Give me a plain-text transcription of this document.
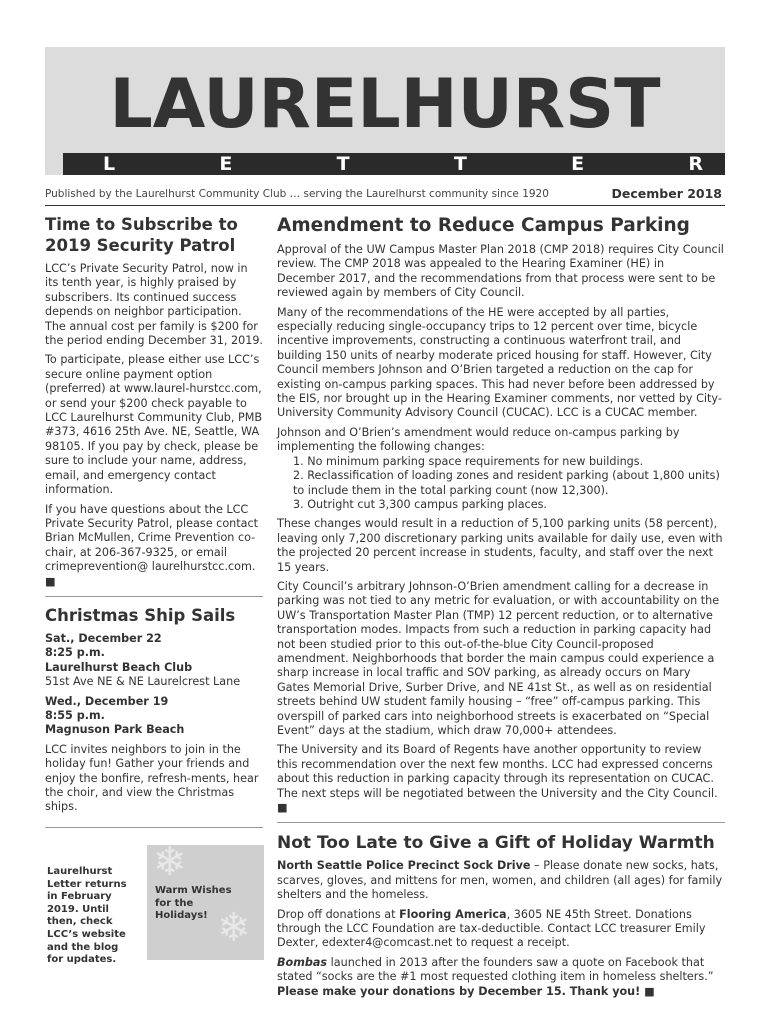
LAURELHURST
L	E	T	T	E	R
Published by the Laurelhurst Community Club … serving the Laurelhurst community since 1920	December 2018
Time to Subscribe to 2019 Security Patrol

LCC’s Private Security Patrol, now in its tenth year, is highly praised by subscribers. Its continued success depends on neighbor participation. The annual cost per family is $200 for the period ending December 31, 2019.

To participate, please either use LCC’s secure online payment option (preferred) at www.laurel-hurstcc.com, or send your $200 check payable to LCC Laurelhurst Community Club, PMB #373, 4616 25th Ave. NE, Seattle, WA 98105. If you pay by check, please be sure to include your name, address, email, and emergency contact information.

If you have questions about the LCC Private Security Patrol, please contact Brian McMullen, Crime Prevention co-chair, at 206-367-9325, or email crimeprevention@ laurelhurstcc.com. ■

Christmas Ship Sails

Sat., December 22

8:25 p.m.

Laurelhurst Beach Club

51st Ave NE & NE Laurelcrest Lane

Wed., December 19

8:55 p.m.

Magnuson Park Beach

LCC invites neighbors to join in the holiday fun! Gather your friends and enjoy the bonfire, refresh-ments, hear the choir, and view the Christmas ships.

Laurelhurst Letter returns in February 2019. Until then, check LCC’s website and the blog for updates.
❄
❄
Warm Wishes for the Holidays!
Amendment to Reduce Campus Parking

Approval of the UW Campus Master Plan 2018 (CMP 2018) requires City Council review. The CMP 2018 was appealed to the Hearing Examiner (HE) in December 2017, and the recommendations from that process were sent to be reviewed again by members of City Council.

Many of the recommendations of the HE were accepted by all parties, especially reducing single-occupancy trips to 12 percent over time, bicycle incentive improvements, constructing a continuous waterfront trail, and building 150 units of nearby moderate priced housing for staff. However, City Council members Johnson and O’Brien targeted a reduction on the cap for existing on-campus parking spaces. This had never before been addressed by the EIS, nor brought up in the Hearing Examiner comments, nor vetted by City-University Community Advisory Council (CUCAC). LCC is a CUCAC member.

Johnson and O’Brien’s amendment would reduce on-campus parking by implementing the following changes:

1. No minimum parking space requirements for new buildings.

2. Reclassification of loading zones and resident parking (about 1,800 units) to include them in the total parking count (now 12,300).

3. Outright cut 3,300 campus parking places.

These changes would result in a reduction of 5,100 parking units (58 percent), leaving only 7,200 discretionary parking units available for daily use, even with the projected 20 percent increase in students, faculty, and staff over the next 15 years.

City Council’s arbitrary Johnson-O’Brien amendment calling for a decrease in parking was not tied to any metric for evaluation, or with accountability on the UW’s Transportation Master Plan (TMP) 12 percent reduction, or to alternative transportation modes. Impacts from such a reduction in parking capacity had not been studied prior to this out-of-the-blue City Council-proposed amendment. Neighborhoods that border the main campus could experience a sharp increase in local traffic and SOV parking, as already occurs on Mary Gates Memorial Drive, Surber Drive, and NE 41st St., as well as on residential streets behind UW student family housing – “free” off-campus parking. This overspill of parked cars into neighborhood streets is exacerbated on “Special Event” days at the stadium, which draw 70,000+ attendees.

The University and its Board of Regents have another opportunity to review this recommendation over the next few months. LCC had expressed concerns about this reduction in parking capacity through its representation on CUCAC. The next steps will be negotiated between the University and the City Council. ■

Not Too Late to Give a Gift of Holiday Warmth

North Seattle Police Precinct Sock Drive – Please donate new socks, hats, scarves, gloves, and mittens for men, women, and children (all ages) for family shelters and the homeless.

Drop off donations at Flooring America, 3605 NE 45th Street. Donations through the LCC Foundation are tax-deductible. Contact LCC treasurer Emily Dexter, edexter4@comcast.net to request a receipt.

Bombas launched in 2013 after the founders saw a quote on Facebook that stated “socks are the #1 most requested clothing item in homeless shelters.” Please make your donations by December 15. Thank you! ■
